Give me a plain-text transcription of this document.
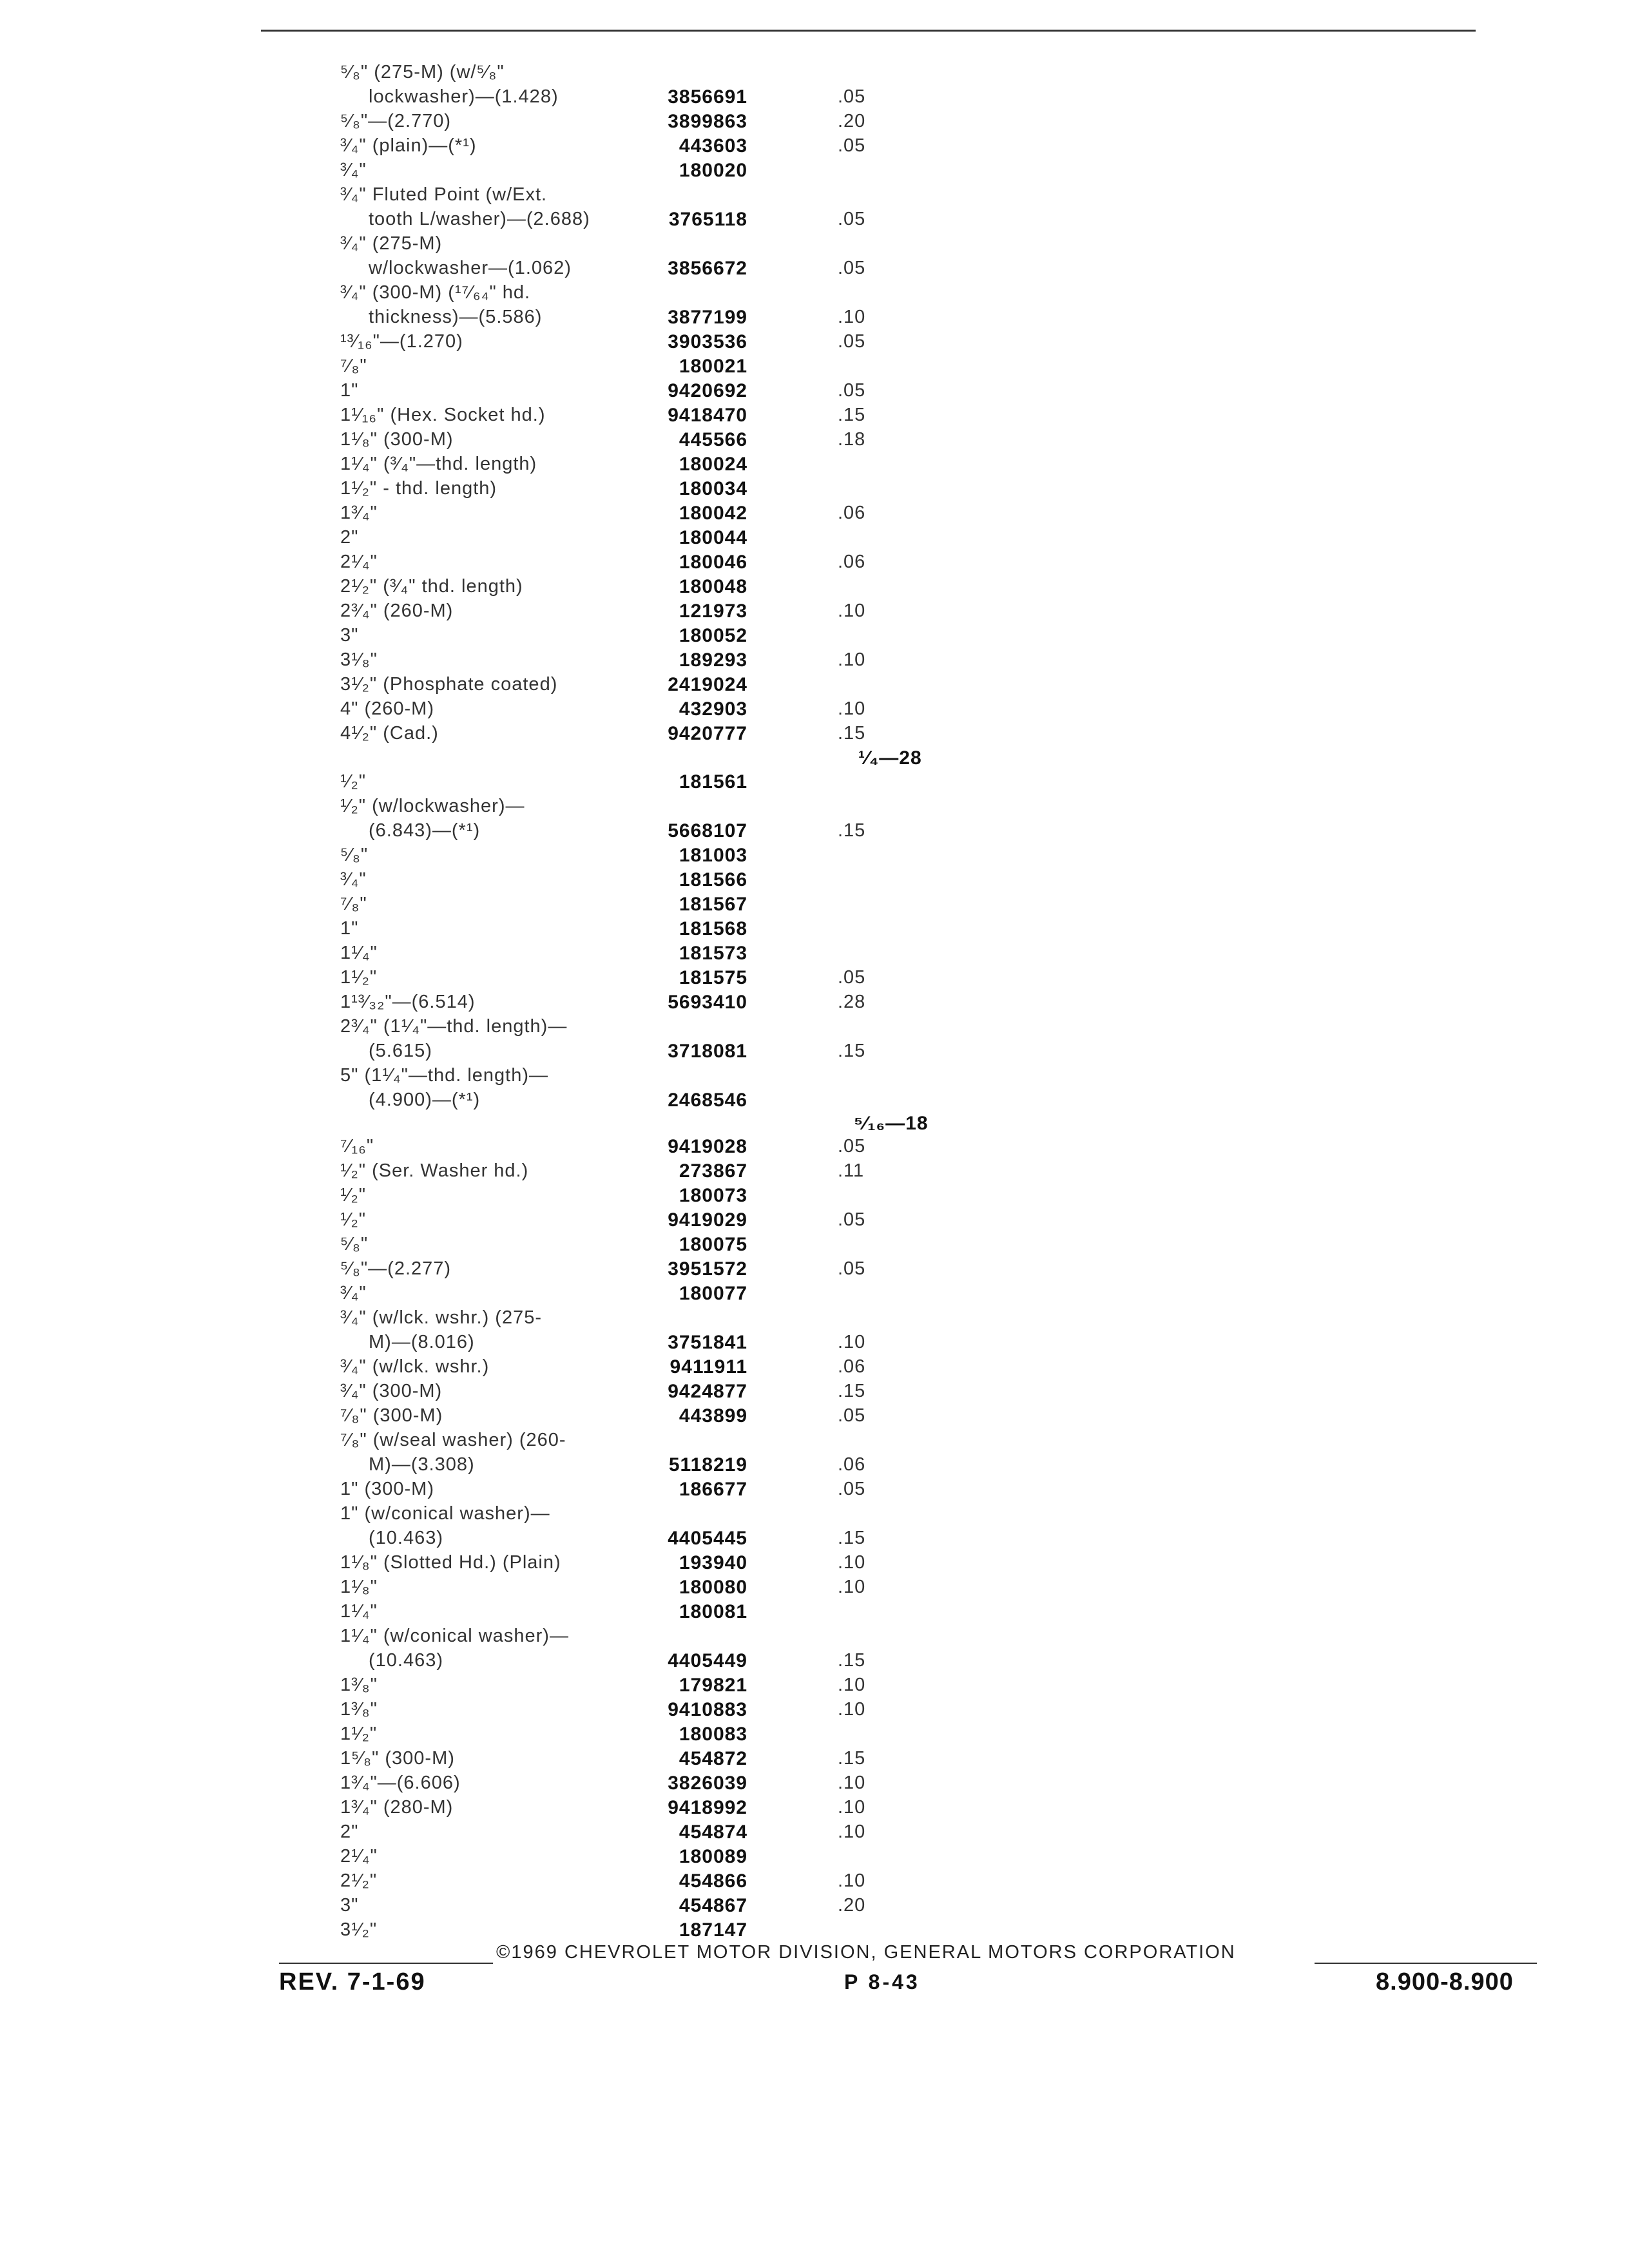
⁵⁄₈" (275-M) (w/⁵⁄₈"
lockwasher)—(1.428)	3856691	.05
⁵⁄₈"—(2.770)	3899863	.20
³⁄₄" (plain)—(*¹)	443603	.05
³⁄₄"	180020
³⁄₄" Fluted Point (w/Ext.
tooth L/washer)—(2.688)	3765118	.05
³⁄₄" (275-M)
w/lockwasher—(1.062)	3856672	.05
³⁄₄" (300-M) (¹⁷⁄₆₄" hd.
thickness)—(5.586)	3877199	.10
¹³⁄₁₆"—(1.270)	3903536	.05
⁷⁄₈"	180021
1"	9420692	.05
1¹⁄₁₆" (Hex. Socket hd.)	9418470	.15
1¹⁄₈" (300-M)	445566	.18
1¹⁄₄" (³⁄₄"—thd. length)	180024
1¹⁄₂" - thd. length)	180034
1³⁄₄"	180042	.06
2"	180044
2¹⁄₄"	180046	.06
2¹⁄₂" (³⁄₄" thd. length)	180048
2³⁄₄" (260-M)	121973	.10
3"	180052
3¹⁄₈"	189293	.10
3¹⁄₂" (Phosphate coated)	2419024
4" (260-M)	432903	.10
4¹⁄₂" (Cad.)	9420777	.15
¹⁄₂"	181561
¹⁄₂" (w/lockwasher)—
(6.843)—(*¹)	5668107	.15
⁵⁄₈"	181003
³⁄₄"	181566
⁷⁄₈"	181567
1"	181568
1¹⁄₄"	181573
1¹⁄₂"	181575	.05
1¹³⁄₃₂"—(6.514)	5693410	.28
2³⁄₄" (1¹⁄₄"—thd. length)—
(5.615)	3718081	.15
5" (1¹⁄₄"—thd. length)—
(4.900)—(*¹)	2468546
⁷⁄₁₆"	9419028	.05
¹⁄₂" (Ser. Washer hd.)	273867	.11
¹⁄₂"	180073
¹⁄₂"	9419029	.05
⁵⁄₈"	180075
⁵⁄₈"—(2.277)	3951572	.05
³⁄₄"	180077
³⁄₄" (w/lck. wshr.) (275-
M)—(8.016)	3751841	.10
³⁄₄" (w/lck. wshr.)	9411911	.06
³⁄₄" (300-M)	9424877	.15
⁷⁄₈" (300-M)	443899	.05
⁷⁄₈" (w/seal washer) (260-
M)—(3.308)	5118219	.06
1" (300-M)	186677	.05
1" (w/conical washer)—
(10.463)	4405445	.15
1¹⁄₈" (Slotted Hd.) (Plain)	193940	.10
1¹⁄₈"	180080	.10
1¹⁄₄"	180081
1¹⁄₄" (w/conical washer)—
(10.463)	4405449	.15
1³⁄₈"	179821	.10
1³⁄₈"	9410883	.10
1¹⁄₂"	180083
1⁵⁄₈" (300-M)	454872	.15
1³⁄₄"—(6.606)	3826039	.10
1³⁄₄" (280-M)	9418992	.10
2"	454874	.10
2¹⁄₄"	180089
2¹⁄₂"	454866	.10
3"	454867	.20
3¹⁄₂"	187147
¹⁄₄—28
⁵⁄₁₆—18
©1969 CHEVROLET MOTOR DIVISION, GENERAL MOTORS CORPORATION
REV. 7-1-69	P 8-43	8.900-8.900
